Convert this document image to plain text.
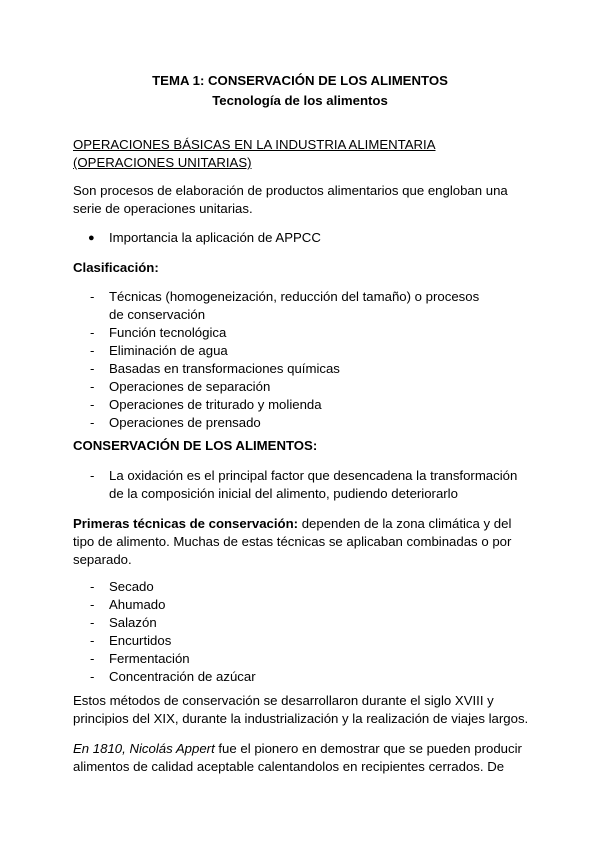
TEMA 1: CONSERVACIÓN DE LOS ALIMENTOS
Tecnología de los alimentos
OPERACIONES BÁSICAS EN LA INDUSTRIA ALIMENTARIA
(OPERACIONES UNITARIAS)
Son procesos de elaboración de productos alimentarios que engloban una serie de operaciones unitarias.
● Importancia la aplicación de APPCC
Clasificación:
- Técnicas (homogeneización, reducción del tamaño) o procesos de conservación
- Función tecnológica
- Eliminación de agua
- Basadas en transformaciones químicas
- Operaciones de separación
- Operaciones de triturado y molienda
- Operaciones de prensado
CONSERVACIÓN DE LOS ALIMENTOS:
- La oxidación es el principal factor que desencadena la transformación de la composición inicial del alimento, pudiendo deteriorarlo
Primeras técnicas de conservación: dependen de la zona climática y del tipo de alimento. Muchas de estas técnicas se aplicaban combinadas o por separado.
- Secado
- Ahumado
- Salazón
- Encurtidos
- Fermentación
- Concentración de azúcar
Estos métodos de conservación se desarrollaron durante el siglo XVIII y principios del XIX, durante la industrialización y la realización de viajes largos.
En 1810, Nicolás Appert fue el pionero en demostrar que se pueden producir alimentos de calidad aceptable calentandolos en recipientes cerrados. De
